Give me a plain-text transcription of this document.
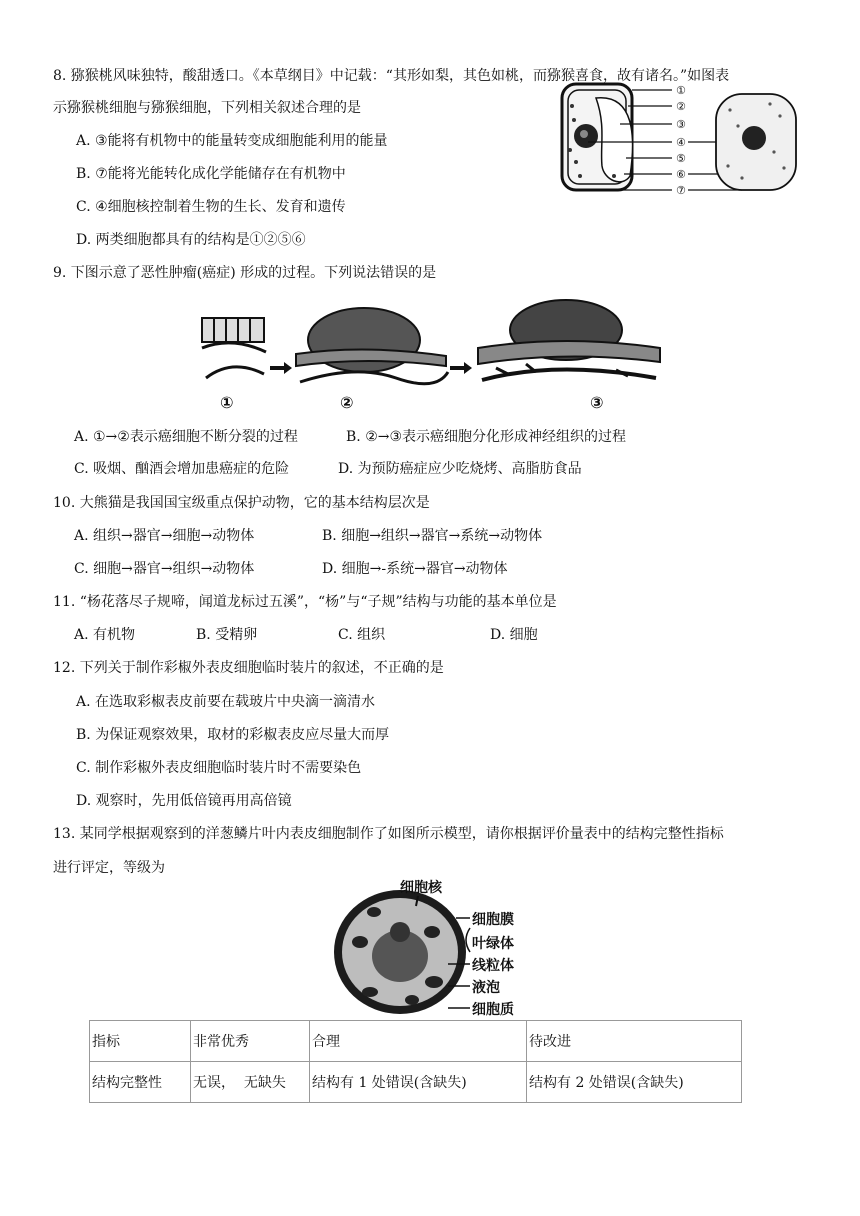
8. 猕猴桃风味独特，酸甜透口。《本草纲目》中记载：“其形如梨，其色如桃，而猕猴喜食，故有诸名。”如图表
示猕猴桃细胞与猕猴细胞，下列相关叙述合理的是
A. ③能将有机物中的能量转变成细胞能利用的能量
B. ⑦能将光能转化成化学能储存在有机物中
C. ④细胞核控制着生物的生长、发育和遗传
D. 两类细胞都具有的结构是①②⑤⑥
①
②
③
④
⑤
⑥
⑦
9. 下图示意了恶性肿瘤(癌症) 形成的过程。下列说法错误的是
①	②	③
A. ①→②表示癌细胞不断分裂的过程	B. ②→③表示癌细胞分化形成神经组织的过程
C. 吸烟、酗酒会增加患癌症的危险	D. 为预防癌症应少吃烧烤、高脂肪食品
10. 大熊猫是我国国宝级重点保护动物，它的基本结构层次是
A. 组织→器官→细胞→动物体	B. 细胞→组织→器官→系统→动物体
C. 细胞→器官→组织→动物体	D. 细胞→-系统→器官→动物体
11. “杨花落尽子规啼，闻道龙标过五溪”，“杨”与“子规”结构与功能的基本单位是
A. 有机物	B. 受精卵	C. 组织	D. 细胞
12. 下列关于制作彩椒外表皮细胞临时装片的叙述，不正确的是
A. 在选取彩椒表皮前要在载玻片中央滴一滴清水
B. 为保证观察效果，取材的彩椒表皮应尽量大而厚
C. 制作彩椒外表皮细胞临时装片时不需要染色
D. 观察时，先用低倍镜再用高倍镜
13. 某同学根据观察到的洋葱鳞片叶内表皮细胞制作了如图所示模型，请你根据评价量表中的结构完整性指标
进行评定，等级为
细胞核
细胞膜
叶绿体
线粒体
液泡
细胞质
指标	非常优秀	合理	待改进
结构完整性	无误，  无缺失	结构有 1 处错误(含缺失)	结构有 2 处错误(含缺失)
